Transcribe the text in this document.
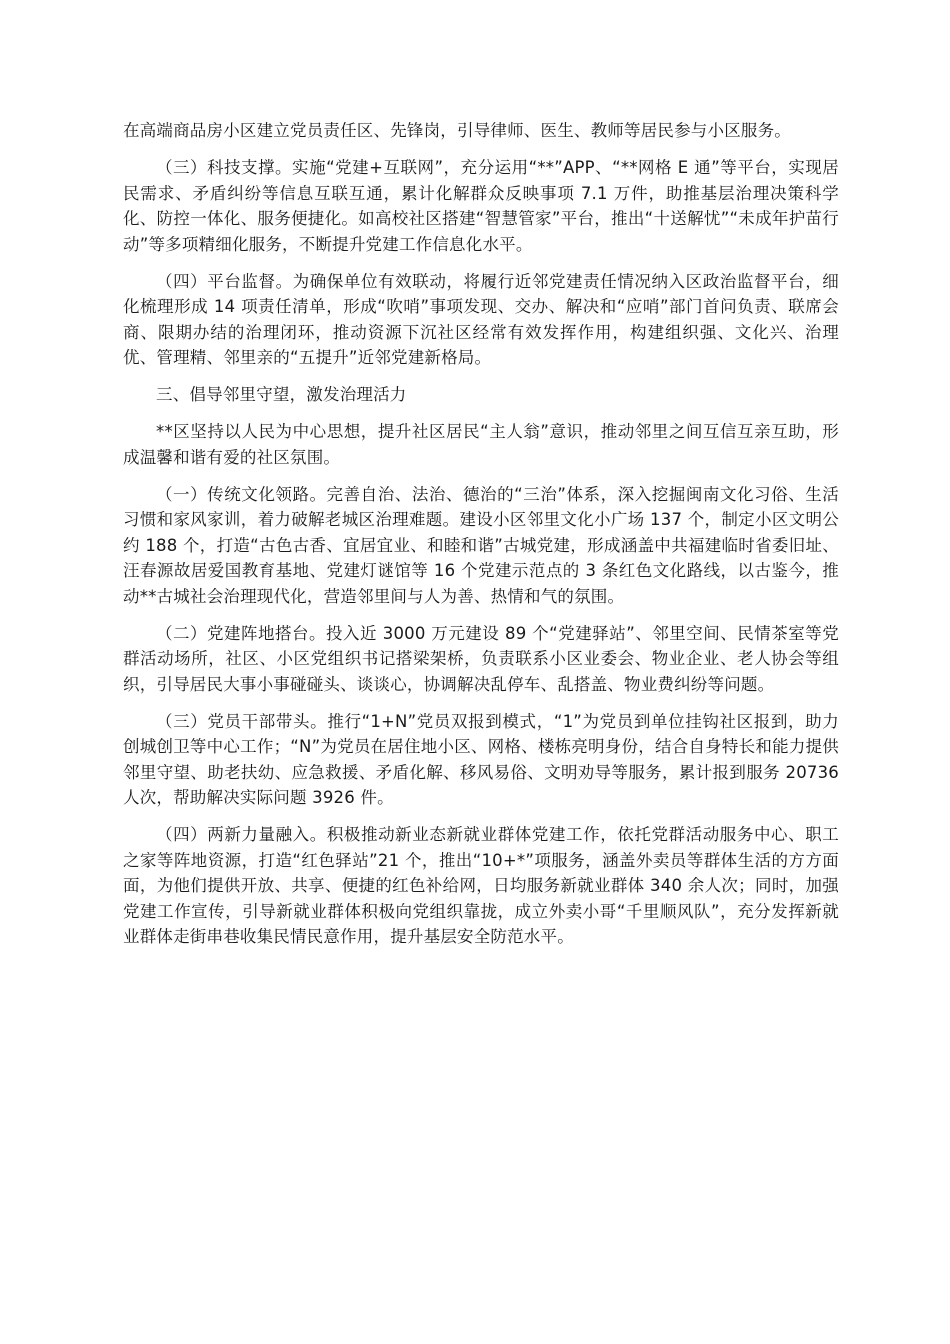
在高端商品房小区建立党员责任区、先锋岗，引导律师、医生、教师等居民参与小区服务。

（三）科技支撑。实施“党建+互联网”，充分运用“**”APP、“**网格 E 通”等平台，实现居民需求、矛盾纠纷等信息互联互通，累计化解群众反映事项 7.1 万件，助推基层治理决策科学化、防控一体化、服务便捷化。如高校社区搭建“智慧管家”平台，推出“十送解忧”“未成年护苗行动”等多项精细化服务，不断提升党建工作信息化水平。

（四）平台监督。为确保单位有效联动，将履行近邻党建责任情况纳入区政治监督平台，细化梳理形成 14 项责任清单，形成“吹哨”事项发现、交办、解决和“应哨”部门首问负责、联席会商、限期办结的治理闭环，推动资源下沉社区经常有效发挥作用，构建组织强、文化兴、治理优、管理精、邻里亲的“五提升”近邻党建新格局。

三、倡导邻里守望，激发治理活力

**区坚持以人民为中心思想，提升社区居民“主人翁”意识，推动邻里之间互信互亲互助，形成温馨和谐有爱的社区氛围。

（一）传统文化领路。完善自治、法治、德治的“三治”体系，深入挖掘闽南文化习俗、生活习惯和家风家训，着力破解老城区治理难题。建设小区邻里文化小广场 137 个，制定小区文明公约 188 个，打造“古色古香、宜居宜业、和睦和谐”古城党建，形成涵盖中共福建临时省委旧址、汪春源故居爱国教育基地、党建灯谜馆等 16 个党建示范点的 3 条红色文化路线，以古鉴今，推动**古城社会治理现代化，营造邻里间与人为善、热情和气的氛围。

（二）党建阵地搭台。投入近 3000 万元建设 89 个“党建驿站”、邻里空间、民情茶室等党群活动场所，社区、小区党组织书记搭梁架桥，负责联系小区业委会、物业企业、老人协会等组织，引导居民大事小事碰碰头、谈谈心，协调解决乱停车、乱搭盖、物业费纠纷等问题。

（三）党员干部带头。推行“1+N”党员双报到模式，“1”为党员到单位挂钩社区报到，助力创城创卫等中心工作；“N”为党员在居住地小区、网格、楼栋亮明身份，结合自身特长和能力提供邻里守望、助老扶幼、应急救援、矛盾化解、移风易俗、文明劝导等服务，累计报到服务 20736 人次，帮助解决实际问题 3926 件。

（四）两新力量融入。积极推动新业态新就业群体党建工作，依托党群活动服务中心、职工之家等阵地资源，打造“红色驿站”21 个，推出“10+*”项服务，涵盖外卖员等群体生活的方方面面，为他们提供开放、共享、便捷的红色补给网，日均服务新就业群体 340 余人次；同时，加强党建工作宣传，引导新就业群体积极向党组织靠拢，成立外卖小哥“千里顺风队”，充分发挥新就业群体走街串巷收集民情民意作用，提升基层安全防范水平。
